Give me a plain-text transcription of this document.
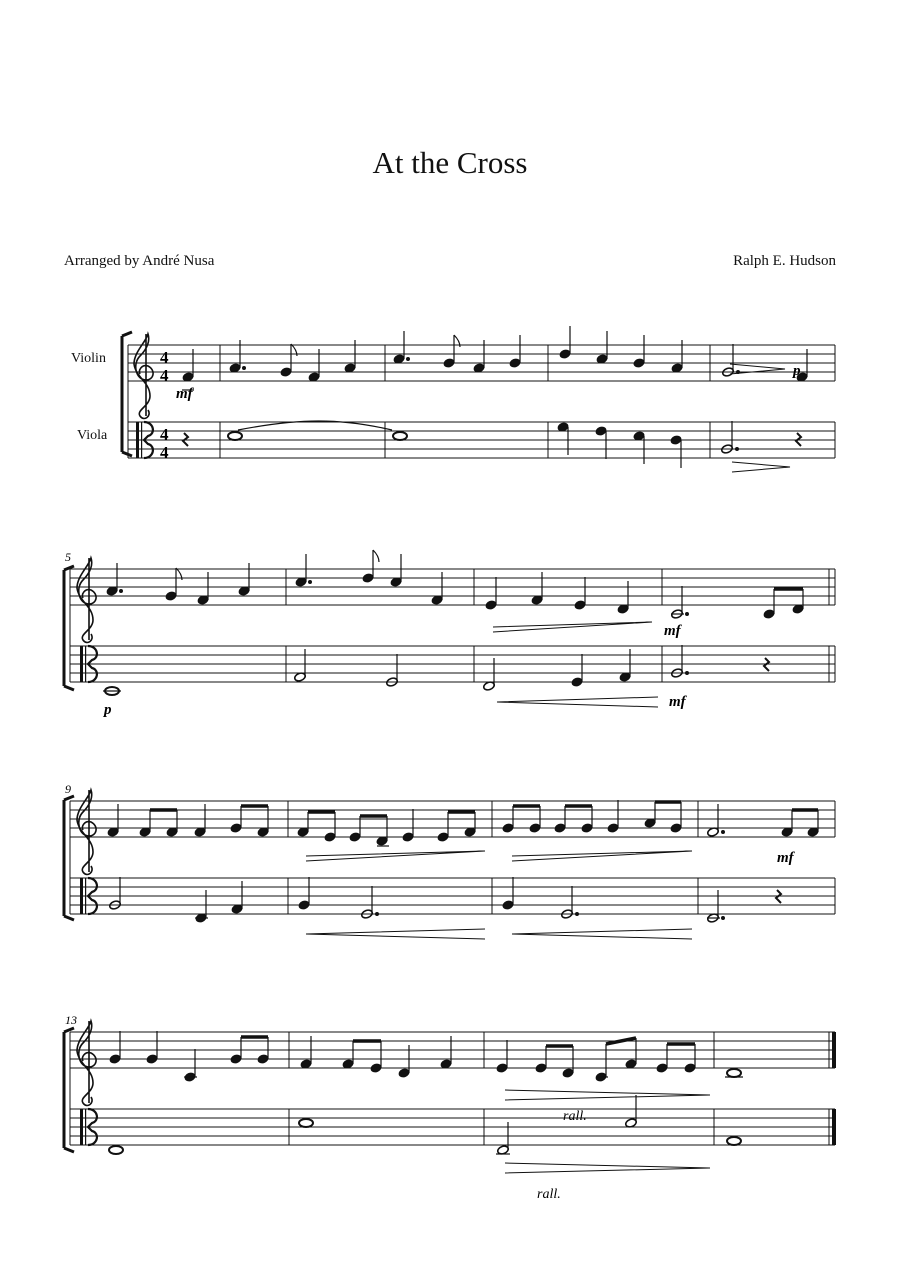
At the Cross
Arranged by André Nusa	Ralph E. Hudson
Violin
Viola
4
4
4
4
mf
p
5
mf
p	mf
9
mf
13
rall.
rall.
